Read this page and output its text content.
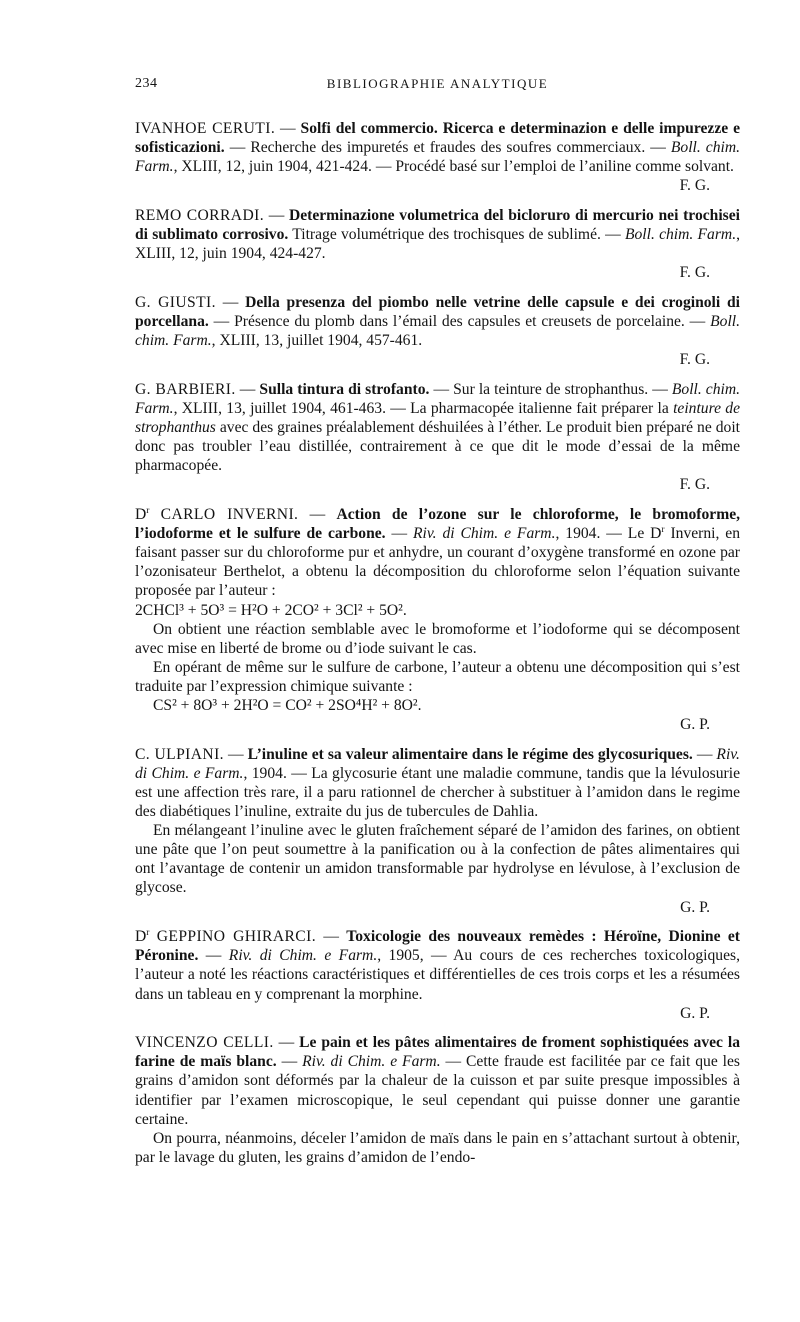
234	BIBLIOGRAPHIE ANALYTIQUE

IVANHOE CERUTI. — Solfi del commercio. Ricerca e determinazion e delle impurezze e sofisticazioni. — Recherche des impuretés et fraudes des soufres commerciaux. — Boll. chim. Farm., XLIII, 12, juin 1904, 421-424. — Procédé basé sur l’emploi de l’aniline comme solvant.
F. G.

REMO CORRADI. — Determinazione volumetrica del bicloruro di mercurio nei trochisei di sublimato corrosivo. Titrage volumétrique des trochisques de sublimé. — Boll. chim. Farm., XLIII, 12, juin 1904, 424-427.
F. G.

G. GIUSTI. — Della presenza del piombo nelle vetrine delle capsule e dei croginoli di porcellana. — Présence du plomb dans l’émail des capsules et creusets de porcelaine. — Boll. chim. Farm., XLIII, 13, juillet 1904, 457-461.
F. G.

G. BARBIERI. — Sulla tintura di strofanto. — Sur la teinture de strophanthus. — Boll. chim. Farm., XLIII, 13, juillet 1904, 461-463. — La pharmacopée italienne fait préparer la teinture de strophanthus avec des graines préalablement déshuilées à l’éther. Le produit bien préparé ne doit donc pas troubler l’eau distillée, contrairement à ce que dit le mode d’essai de la même pharmacopée.
F. G.

$D^r$ CARLO INVERNI. — Action de l’ozone sur le chloroforme, le bromoforme, l’iodoforme et le sulfure de carbone. — Riv. di Chim. e Farm., 1904. — Le $D^r$ Inverni, en faisant passer sur du chloroforme pur et anhydre, un courant d’oxygène transformé en ozone par l’ozonisateur Berthelot, a obtenu la décomposition du chloroforme selon l’équation suivante proposée par l’auteur :
2CHCl³ + 5O³ = H²O + 2CO² + 3Cl² + 5O².

On obtient une réaction semblable avec le bromoforme et l’iodoforme qui se décomposent avec mise en liberté de brome ou d’iode suivant le cas.

En opérant de même sur le sulfure de carbone, l’auteur a obtenu une décomposition qui s’est traduite par l’expression chimique suivante :
CS² + 8O³ + 2H²O = CO² + 2SO⁴H² + 8O².

G. P.

C. ULPIANI. — L’inuline et sa valeur alimentaire dans le régime des glycosuriques. — Riv. di Chim. e Farm., 1904. — La glycosurie étant une maladie commune, tandis que la lévulosurie est une affection très rare, il a paru rationnel de chercher à substituer à l’amidon dans le regime des diabétiques l’inuline, extraite du jus de tubercules de Dahlia.

En mélangeant l’inuline avec le gluten fraîchement séparé de l’amidon des farines, on obtient une pâte que l’on peut soumettre à la panification ou à la confection de pâtes alimentaires qui ont l’avantage de contenir un amidon transformable par hydrolyse en lévulose, à l’exclusion de glycose.

G. P.

$D^r$ GEPPINO GHIRARCI. — Toxicologie des nouveaux remèdes : Héroïne, Dionine et Péronine. — Riv. di Chim. e Farm., 1905, — Au cours de ces recherches toxicologiques, l’auteur a noté les réactions caractéristiques et différentielles de ces trois corps et les a résumées dans un tableau en y comprenant la morphine.
G. P.

VINCENZO CELLI. — Le pain et les pâtes alimentaires de froment sophistiquées avec la farine de maïs blanc. — Riv. di Chim. e Farm. — Cette fraude est facilitée par ce fait que les grains d’amidon sont déformés par la chaleur de la cuisson et par suite presque impossibles à identifier par l’examen microscopique, le seul cependant qui puisse donner une garantie certaine.

On pourra, néanmoins, déceler l’amidon de maïs dans le pain en s’attachant surtout à obtenir, par le lavage du gluten, les grains d’amidon de l’endo-
